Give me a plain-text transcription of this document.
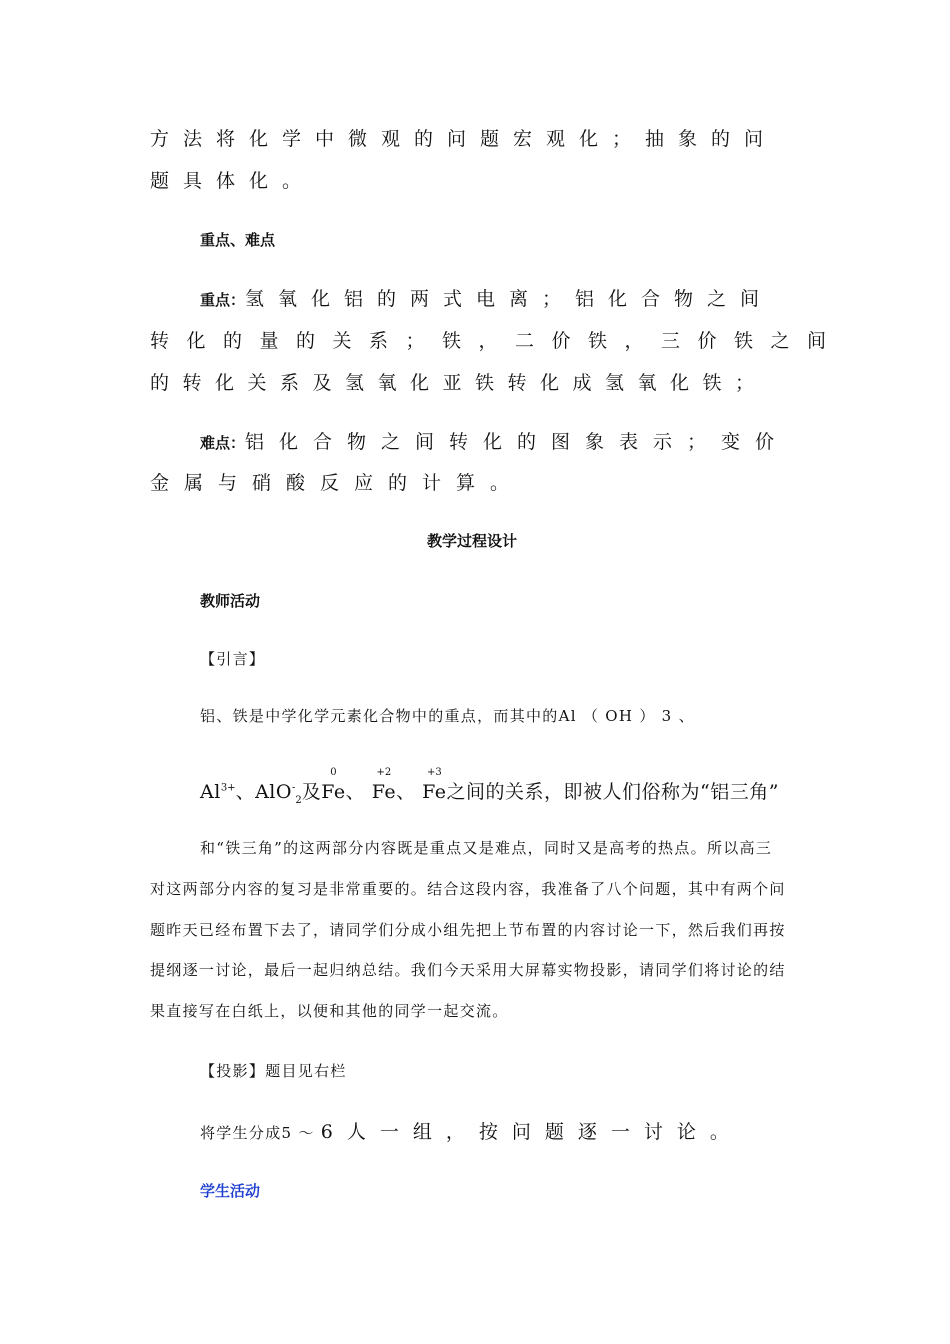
方法将化学中微观的问题宏观化；抽象的问
题具体化。
重点、难点
重点：氢氧化铝的两式电离；铝化合物之间
转化的量的关系；铁，二价铁，三价铁之间
的转化关系及氢氧化亚铁转化成氢氧化铁；
难点：铝化合物之间转化的图象表示；变价
金属与硝酸反应的计算。
教学过程设计
教师活动
【引言】
铝、铁是中学化学元素化合物中的重点，而其中的Al （ OH ） 3 、
$Al^{3+}$、AlO-$_2$及
0
Fe、
+2
Fe、
+3
Fe之间的关系，即被人们俗称为“铝三角”
和“铁三角”的这两部分内容既是重点又是难点，同时又是高考的热点。所以高三
对这两部分内容的复习是非常重要的。结合这段内容，我准备了八个问题，其中有两个问
题昨天已经布置下去了，请同学们分成小组先把上节布置的内容讨论一下，然后我们再按
提纲逐一讨论，最后一起归纳总结。我们今天采用大屏幕实物投影，请同学们将讨论的结
果直接写在白纸上，以便和其他的同学一起交流。
【投影】题目见右栏
将学生分成5 ～ 6人一组，按问题逐一讨论。
学生活动
